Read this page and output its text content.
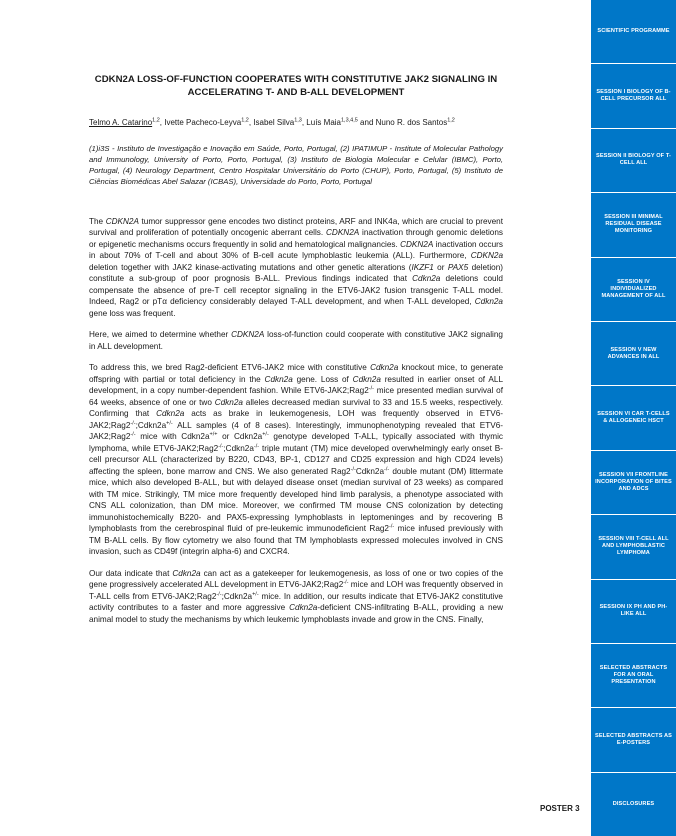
SCIENTIFIC PROGRAMME
SESSION I BIOLOGY OF B-CELL PRECURSOR ALL
SESSION II BIOLOGY OF T-CELL ALL
SESSION III MINIMAL RESIDUAL DISEASE MONITORING
SESSION IV INDIVIDUALIZED MANAGEMENT OF ALL
SESSION V NEW ADVANCES IN ALL
SESSION VI CAR T-CELLS & ALLOGENEIC HSCT
SESSION VII FRONTLINE INCORPORATION OF BITES AND ADCS
SESSION VIII T-CELL ALL AND LYMPHOBLASTIC LYMPHOMA
SESSION IX PH AND PH-LIKE ALL
SELECTED ABSTRACTS FOR AN ORAL PRESENTATION
SELECTED ABSTRACTS AS E-POSTERS
DISCLOSURES
CDKN2A LOSS-OF-FUNCTION COOPERATES WITH CONSTITUTIVE JAK2 SIGNALING IN ACCELERATING T- AND B-ALL DEVELOPMENT

Telmo A. Catarino$^{1,2}$, Ivette Pacheco-Leyva$^{1,2}$, Isabel Silva$^{1,3}$, Luís Maia$^{1,3,4,5}$ and Nuno R. dos Santos$^{1,2}$

(1)i3S - Instituto de Investigação e Inovação em Saúde, Porto, Portugal, (2) IPATIMUP - Institute of Molecular Pathology and Immunology, University of Porto, Porto, Portugal, (3) Instituto de Biologia Molecular e Celular (IBMC), Porto, Portugal, (4) Neurology Department, Centro Hospitalar Universitário do Porto (CHUP), Porto, Portugal, (5) Instituto de Ciências Biomédicas Abel Salazar (ICBAS), Universidade do Porto, Porto, Portugal

The CDKN2A tumor suppressor gene encodes two distinct proteins, ARF and INK4a, which are crucial to prevent survival and proliferation of potentially oncogenic aberrant cells. CDKN2A inactivation through genomic deletions or epigenetic mechanisms occurs frequently in solid and hematological malignancies. CDKN2A inactivation occurs in about 70% of T-cell and about 30% of B-cell acute lymphoblastic leukemia (ALL). Furthermore, CDKN2a deletion together with JAK2 kinase-activating mutations and other genetic alterations (IKZF1 or PAX5 deletion) constitute a sub-group of poor prognosis B-ALL. Previous findings indicated that Cdkn2a deletions could compensate the absence of pre-T cell receptor signaling in the ETV6-JAK2 fusion transgenic T-ALL model. Indeed, Rag2 or pTα deficiency considerably delayed T-ALL development, and when T-ALL developed, Cdkn2a gene loss was frequent.

Here, we aimed to determine whether CDKN2A loss-of-function could cooperate with constitutive JAK2 signaling in ALL development.

To address this, we bred Rag2-deficient ETV6-JAK2 mice with constitutive Cdkn2a knockout mice, to generate offspring with partial or total deficiency in the Cdkn2a gene. Loss of Cdkn2a resulted in earlier onset of ALL development, in a copy number-dependent fashion. While ETV6-JAK2;Rag2-/- mice presented median survival of 64 weeks, absence of one or two Cdkn2a alleles decreased median survival to 33 and 15.5 weeks, respectively. Confirming that Cdkn2a acts as brake in leukemogenesis, LOH was frequently observed in ETV6-JAK2;Rag2-/-;Cdkn2a+/- ALL samples (4 of 8 cases). Interestingly, immunophenotyping revealed that ETV6-JAK2;Rag2-/- mice with Cdkn2a+/+ or Cdkn2a+/- genotype developed T-ALL, typically associated with thymic lymphoma, while ETV6-JAK2;Rag2-/-;Cdkn2a-/- triple mutant (TM) mice developed overwhelmingly early onset B-cell precursor ALL (characterized by B220, CD43, BP-1, CD127 and CD25 expression and high CD24 levels) affecting the spleen, bone marrow and CNS. We also generated Rag2-/-Cdkn2a-/- double mutant (DM) littermate mice, which also developed B-ALL, but with delayed disease onset (median survival of 23 weeks) as compared with TM mice. Strikingly, TM mice more frequently developed hind limb paralysis, a phenotype associated with CNS ALL colonization, than DM mice. Moreover, we confirmed TM mouse CNS colonization by detecting immunohistochemically B220- and PAX5-expressing lymphoblasts in leptomeninges and by recovering B lymphoblasts from the cerebrospinal fluid of pre-leukemic immunodeficient Rag2-/- mice infused previously with TM B-ALL cells. By flow cytometry we also found that TM lymphoblasts expressed molecules involved in CNS invasion, such as CD49f (integrin alpha-6) and CXCR4.

Our data indicate that Cdkn2a can act as a gatekeeper for leukemogenesis, as loss of one or two copies of the gene progressively accelerated ALL development in ETV6-JAK2;Rag2-/- mice and LOH was frequently observed in T-ALL cells from ETV6-JAK2;Rag2-/-;Cdkn2a+/- mice. In addition, our results indicate that ETV6-JAK2 constitutive activity contributes to a faster and more aggressive Cdkn2a-deficient CNS-infiltrating B-ALL, providing a new animal model to study the mechanisms by which leukemic lymphoblasts invade and grow in the CNS. Finally,

POSTER 3
